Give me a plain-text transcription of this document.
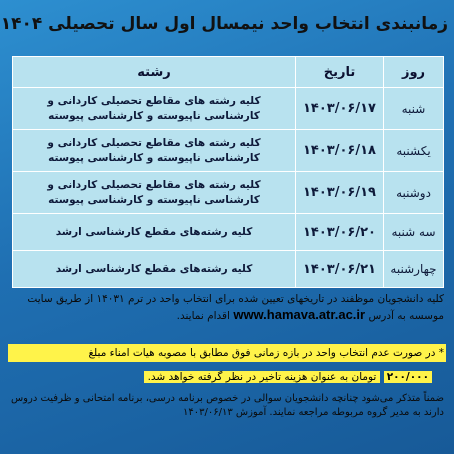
زمانبندی انتخاب واحد نیمسال اول سال تحصیلی ۱۴۰۴
روز
تاریخ
رشته
شنبه
۱۴۰۳/۰۶/۱۷
کلیه رشته های مقاطع تحصیلی کاردانی و کارشناسی ناپیوسته و کارشناسی پیوسته
یکشنبه
۱۴۰۳/۰۶/۱۸
کلیه رشته های مقاطع تحصیلی کاردانی و کارشناسی ناپیوسته و کارشناسی پیوسته
دوشنبه
۱۴۰۳/۰۶/۱۹
کلیه رشته های مقاطع تحصیلی کاردانی و کارشناسی ناپیوسته و کارشناسی پیوسته
سه شنبه
۱۴۰۳/۰۶/۲۰
کلیه رشته‌های مقطع کارشناسی ارشد
چهارشنبه
۱۴۰۳/۰۶/۲۱
کلیه رشته‌های مقطع کارشناسی ارشد
کلیه دانشجویان موظفند در تاریخهای تعیین شده برای انتخاب واحد در ترم ۱۴۰۳۱ از طریق سایت موسسه به آدرس www.hamava.atr.ac.ir اقدام نمایند.
* در صورت عدم انتخاب واحد در بازه زمانی فوق مطابق با مصوبه هیات امناء مبلغ
۲۰۰/۰۰۰ تومان به عنوان هزینه تاخیر در نظر گرفته خواهد شد.
ضمناً متذکر می‌شود چنانچه دانشجویان سوالی در خصوص برنامه درسی، برنامه امتحانی و ظرفیت دروس دارند به مدیر گروه مربوطه مراجعه نمایند. آموزش ۱۴۰۳/۰۶/۱۳
